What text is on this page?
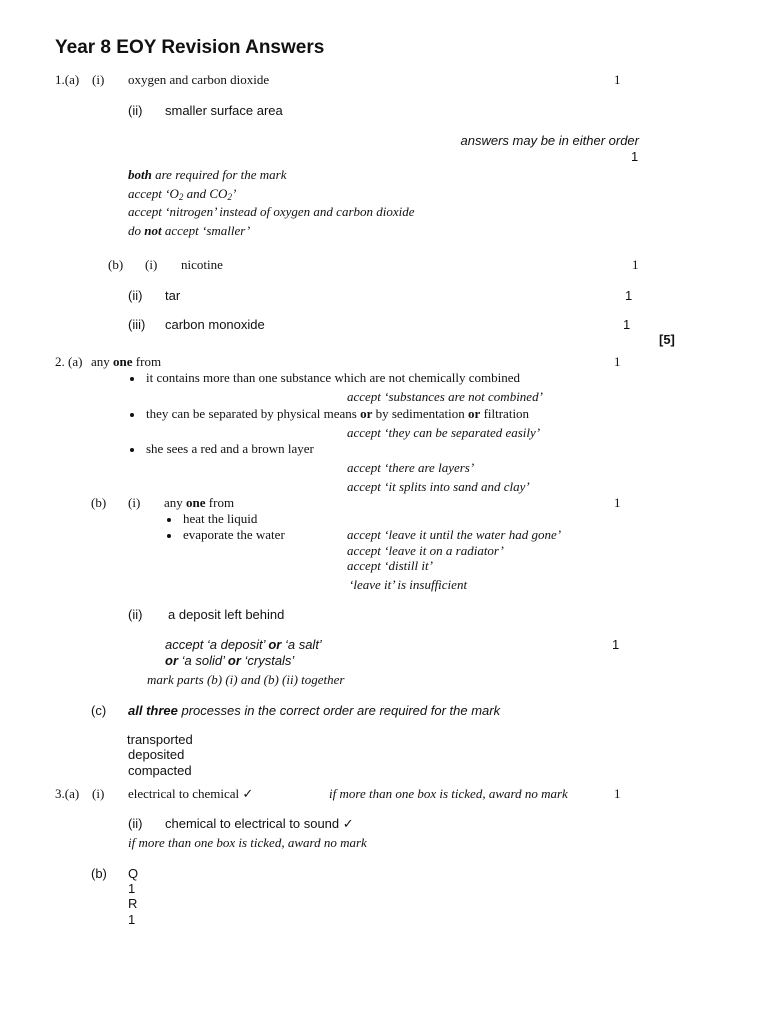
Year 8 EOY Revision Answers
1.(a) (i) oxygen and carbon dioxide	1
(ii) smaller surface area
answers may be in either order
1
both are required for the mark
accept ‘$O_2$ and $CO_2$’
accept ‘nitrogen’ instead of oxygen and carbon dioxide
do not accept ‘smaller’
(b) (i) nicotine	1
(ii) tar	1
(iii) carbon monoxide	1
[5]
2. (a) any one from	1
it contains more than one substance which are not chemically combined
accept ‘substances are not combined’
they can be separated by physical means or by sedimentation or filtration
accept ‘they can be separated easily’
she sees a red and a brown layer
accept ‘there are layers’
accept ‘it splits into sand and clay’
(b) (i) any one from	1
heat the liquid
evaporate the water	accept ‘leave it until the water had gone’
accept ‘leave it on a radiator’
accept ‘distill it’
‘leave it’ is insufficient
(ii) a deposit left behind
accept ‘a deposit’ or ‘a salt’	1
or ‘a solid’ or ‘crystals’
mark parts (b) (i) and (b) (ii) together
(c) all three processes in the correct order are required for the mark
transported
deposited
compacted
3.(a) (i) electrical to chemical ✓	if more than one box is ticked, award no mark	1
(ii) chemical to electrical to sound ✓
if more than one box is ticked, award no mark
(b) Q
1
R
1
